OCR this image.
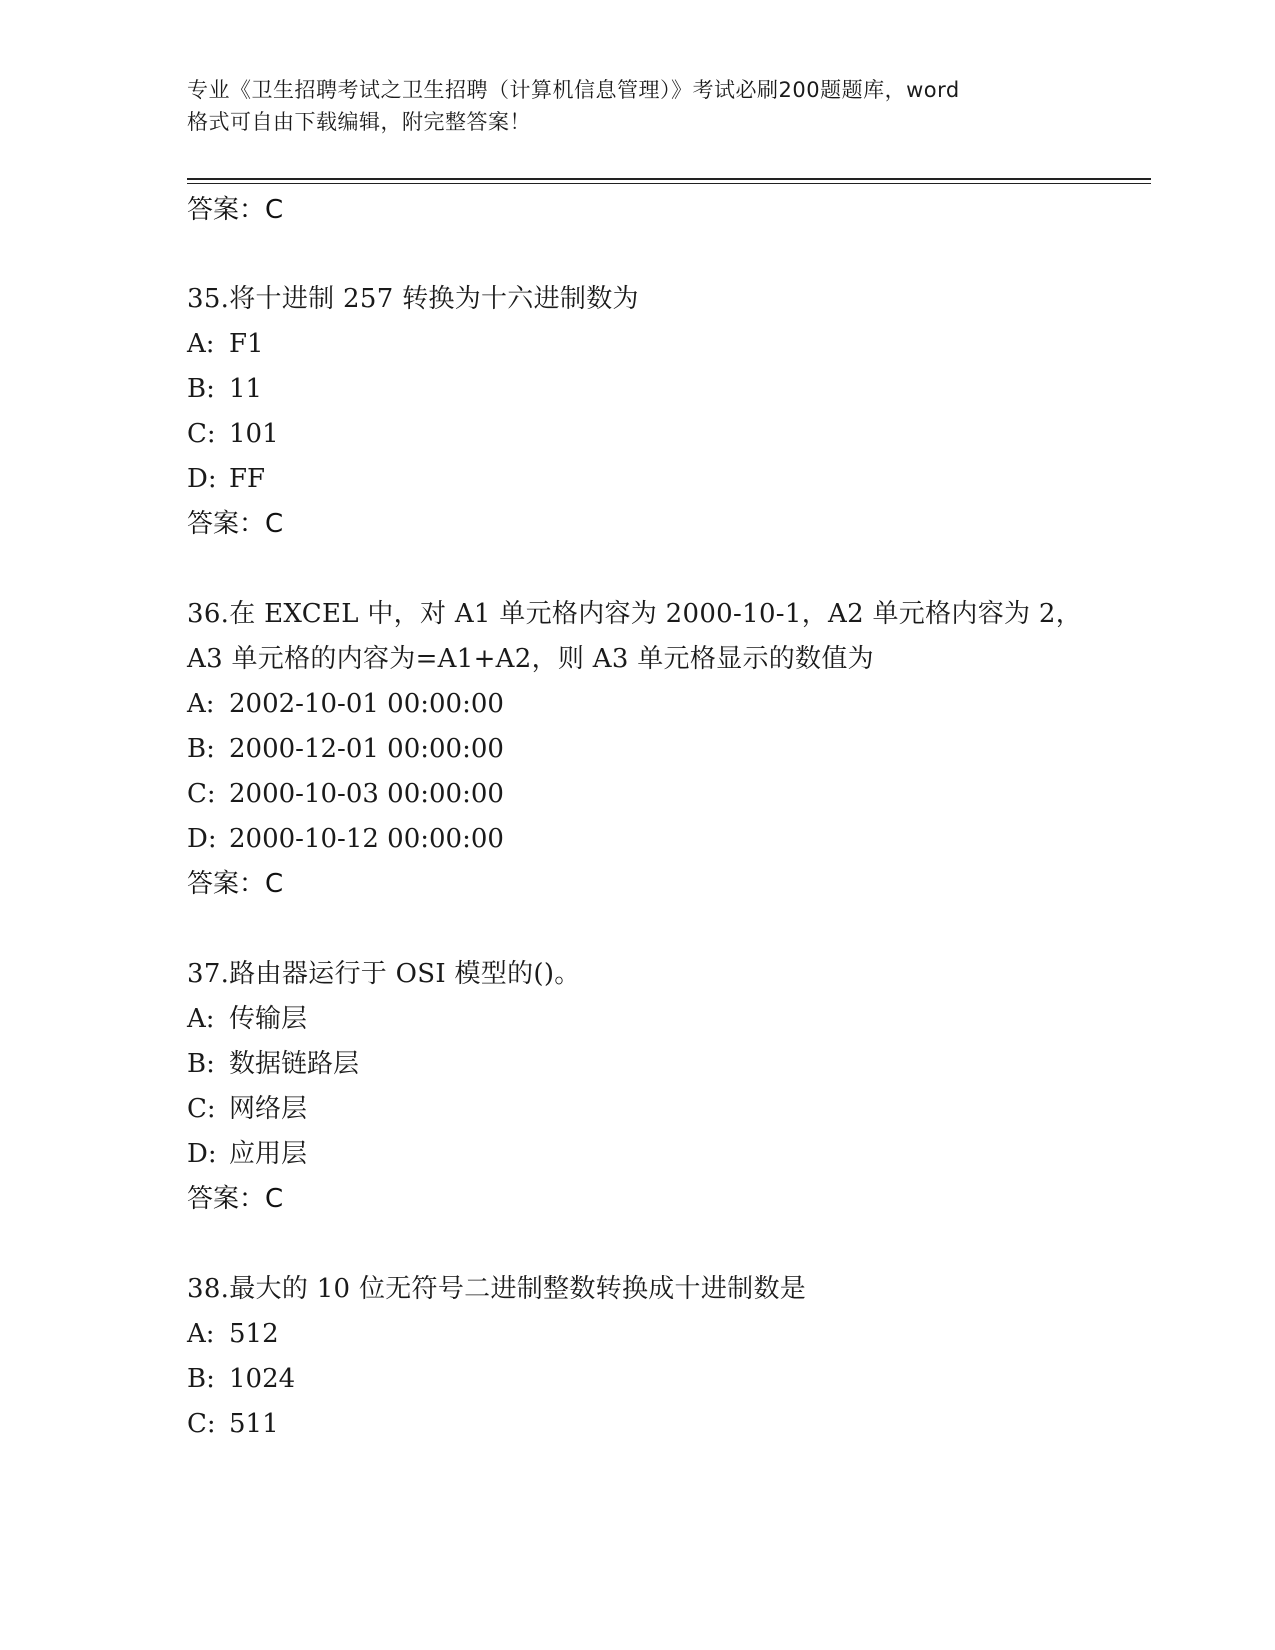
专业《卫生招聘考试之卫生招聘（计算机信息管理）》考试必刷200题题库，word
格式可自由下载编辑，附完整答案！
答案：C
35.将十进制 257 转换为十六进制数为
A: F1
B: 11
C: 101
D: FF
答案：C
36.在 EXCEL 中，对 A1 单元格内容为 2000-10-1，A2 单元格内容为 2，
A3 单元格的内容为=A1+A2，则 A3 单元格显示的数值为
A: 2002-10-01 00:00:00
B: 2000-12-01 00:00:00
C: 2000-10-03 00:00:00
D: 2000-10-12 00:00:00
答案：C
37.路由器运行于 OSI 模型的()。
A: 传输层
B: 数据链路层
C: 网络层
D: 应用层
答案：C
38.最大的 10 位无符号二进制整数转换成十进制数是
A: 512
B: 1024
C: 511
